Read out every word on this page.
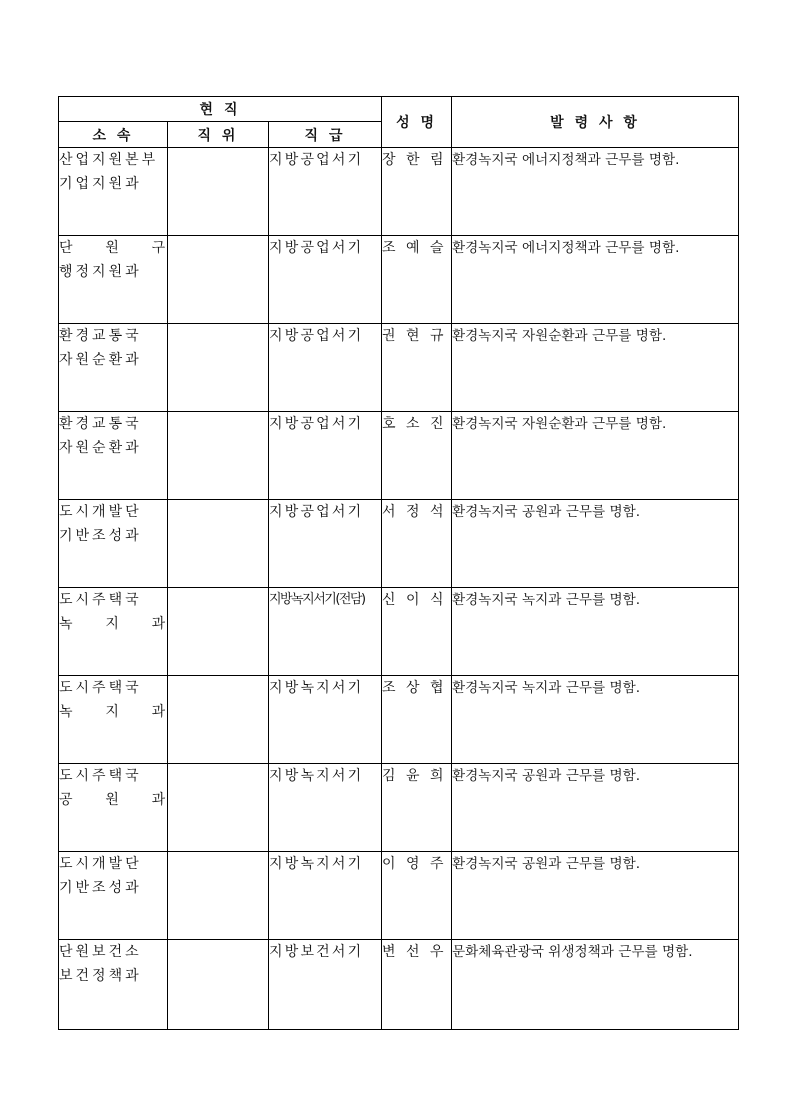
현 직			성 명	발 령 사 항
소 속	직 위	직 급		

산업지원본부
기업지원과		지방공업서기	장 한 림	환경녹지국 에너지정책과 근무를 명함.

단    원    구
행정지원과		지방공업서기	조 예 슬	환경녹지국 에너지정책과 근무를 명함.

환경교통국
자원순환과		지방공업서기	권 현 규	환경녹지국 자원순환과 근무를 명함.

환경교통국
자원순환과		지방공업서기	호 소 진	환경녹지국 자원순환과 근무를 명함.

도시개발단
기반조성과		지방공업서기	서 정 석	환경녹지국 공원과 근무를 명함.

도시주택국
녹    지    과		지방녹지서기(전담)	신 이 식	환경녹지국 녹지과 근무를 명함.

도시주택국
녹    지    과		지방녹지서기	조 상 협	환경녹지국 녹지과 근무를 명함.

도시주택국
공    원    과		지방녹지서기	김 윤 희	환경녹지국 공원과 근무를 명함.

도시개발단
기반조성과		지방녹지서기	이 영 주	환경녹지국 공원과 근무를 명함.

단원보건소
보건정책과		지방보건서기	변 선 우	문화체육관광국 위생정책과 근무를 명함.
